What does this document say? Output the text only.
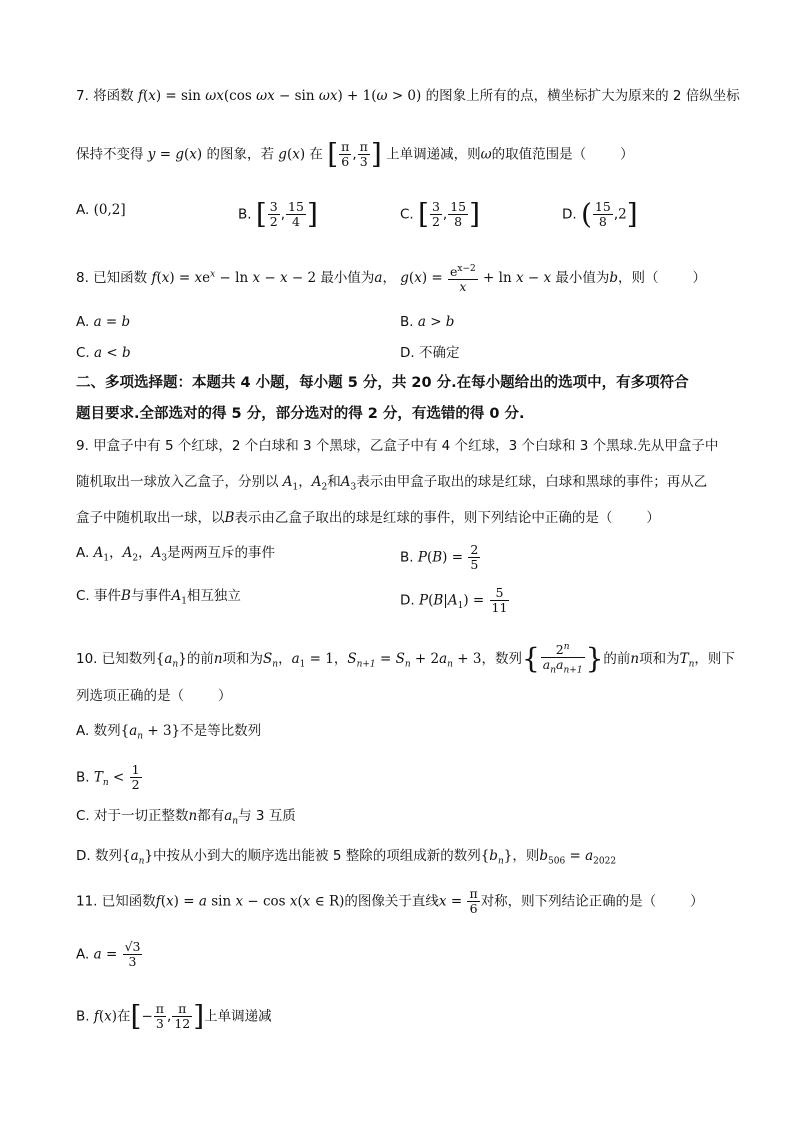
7. 将函数 f(x) = sin ωx(cos ωx − sin ωx) + 1(ω > 0) 的图象上所有的点，横坐标扩大为原来的 2 倍纵坐标
保持不变得 y = g(x) 的图象，若 g(x) 在 [ $\frac{\pi}{6}$ , $\frac{\pi}{3}$ ] 上单调递减，则ω的取值范围是（	）
A. (0,2]	B. [ $\frac{3}{2}$ , $\frac{15}{4}$ ]	C. [ $\frac{3}{2}$ , $\frac{15}{8}$ ]	D. ( $\frac{15}{8} ,2$]
8. 已知函数 $f(x) = xe^x - \ln x - x - 2$ 最小值为a， $g(x) = \frac{e^{x-2}}{x} + \ln x - x$ 最小值为b，则（	）
A. a = b	B. a > b
C. a < b	D. 不确定
二、多项选择题：本题共 4 小题，每小题 5 分，共 20 分.在每小题给出的选项中，有多项符合
题目要求.全部选对的得 5 分，部分选对的得 2 分，有选错的得 0 分.
9. 甲盒子中有 5 个红球，2 个白球和 3 个黑球，乙盒子中有 4 个红球，3 个白球和 3 个黑球.先从甲盒子中
随机取出一球放入乙盒子，分别以 $A_1$，$A_2$和$A_3$表示由甲盒子取出的球是红球，白球和黑球的事件；再从乙
盒子中随机取出一球，以B表示由乙盒子取出的球是红球的事件，则下列结论中正确的是（	）
A. $A_1$，$A_2$，$A_3$是两两互斥的事件	B. $P(B) = \frac{2}{5}$
C. 事件B与事件$A_1$相互独立	D. $P(B|A_1) = \frac{5}{11}$
10. 已知数列$\{a_n\}$的前n项和为$S_n$，$a_1 = 1$，$S_{n+1} = S_n + 2a_n + 3$，数列{ $\frac{2^n}{a_na_{n+1}}$ }的前n项和为$T_n$，则下
列选项正确的是（	）
A. 数列$\{a_n + 3\}$不是等比数列
B. $T_n < \frac{1}{2}$
C. 对于一切正整数n都有$a_n$与 3 互质
D. 数列$\{a_n\}$中按从小到大的顺序选出能被 5 整除的项组成新的数列$\{b_n\}$，则$b_{506} = a_{2022}$
11. 已知函数f(x) = a sin x − cos x(x ∈ R)的图像关于直线$x = \frac{\pi}{6}$ 对称，则下列结论正确的是（	）
A. $a = \frac{√3}{3}$
B. f(x)在[− $\frac{\pi}{3}$ , $\frac{\pi}{12}$ ]上单调递减
